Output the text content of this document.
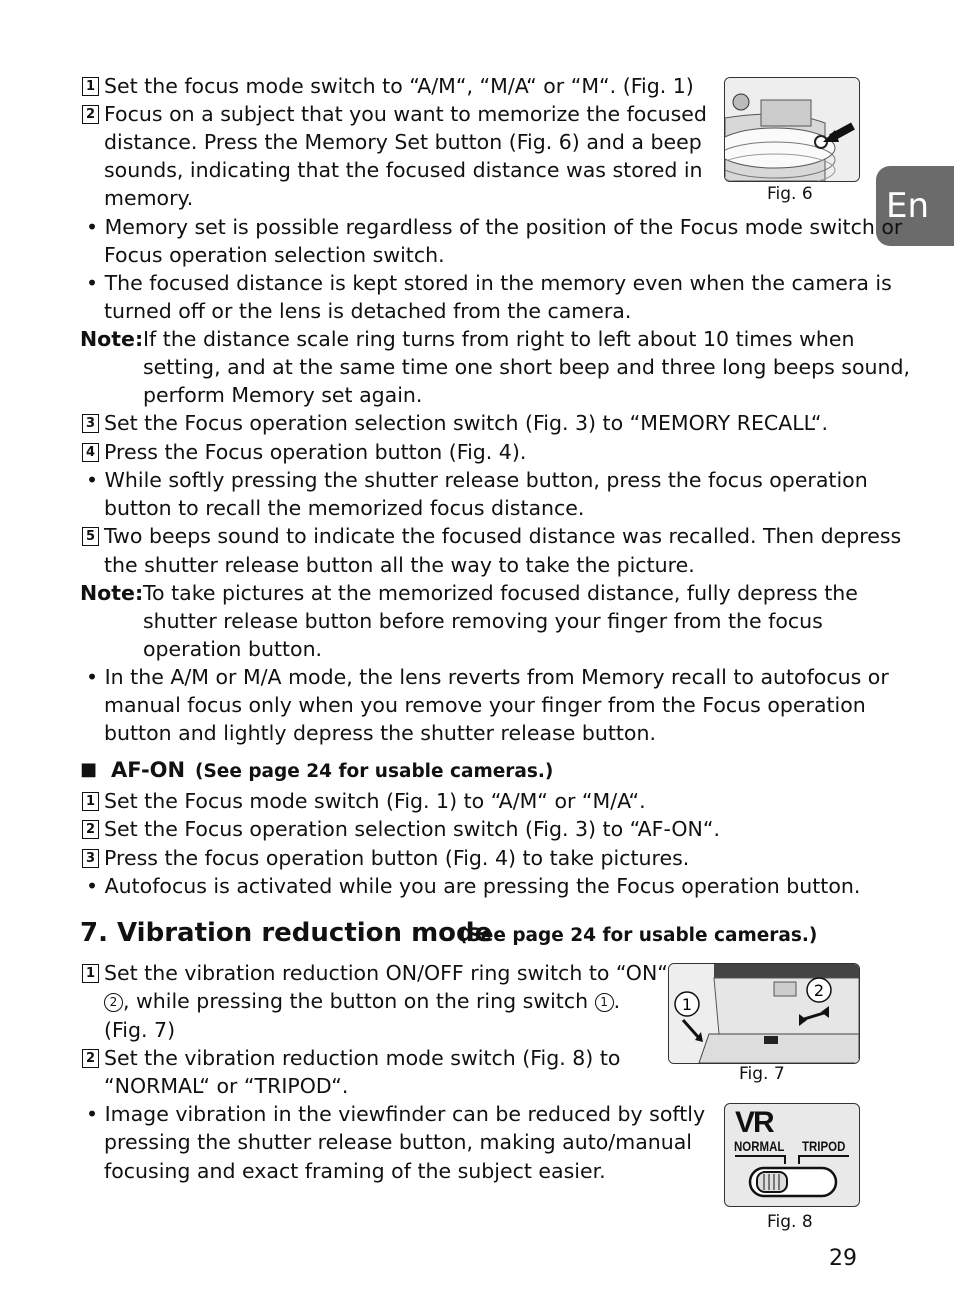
En
1 Set the focus mode switch to “A/M“, “M/A“ or “M“. (Fig. 1)
2 Focus on a subject that you want to memorize the focused
distance. Press the Memory Set button (Fig. 6) and a beep
sounds, indicating that the focused distance was stored in
memory.
• Memory set is possible regardless of the position of the Focus mode switch or
Focus operation selection switch.
• The focused distance is kept stored in the memory even when the camera is
turned off or the lens is detached from the camera.
Note: If the distance scale ring turns from right to left about 10 times when
setting, and at the same time one short beep and three long beeps sound,
perform Memory set again.
3 Set the Focus operation selection switch (Fig. 3) to “MEMORY RECALL“.
4 Press the Focus operation button (Fig. 4).
• While softly pressing the shutter release button, press the focus operation
button to recall the memorized focus distance.
5 Two beeps sound to indicate the focused distance was recalled. Then depress
the shutter release button all the way to take the picture.
Note: To take pictures at the memorized focused distance, fully depress the
shutter release button before removing your finger from the focus
operation button.
• In the A/M or M/A mode, the lens reverts from Memory recall to autofocus or
manual focus only when you remove your finger from the Focus operation
button and lightly depress the shutter release button.
■ AF-ON (See page 24 for usable cameras.)
1 Set the Focus mode switch (Fig. 1) to “A/M“ or “M/A“.
2 Set the Focus operation selection switch (Fig. 3) to “AF-ON“.
3 Press the focus operation button (Fig. 4) to take pictures.
• Autofocus is activated while you are pressing the Focus operation button.
7. Vibration reduction mode
(See page 24 for usable cameras.)
1 Set the vibration reduction ON/OFF ring switch to “ON“
2 , while pressing the button on the ring switch 1 .
(Fig. 7)
2 Set the vibration reduction mode switch (Fig. 8) to
“NORMAL“ or “TRIPOD“.
• Image vibration in the viewfinder can be reduced by softly
pressing the shutter release button, making auto/manual
focusing and exact framing of the subject easier.
Fig. 6
1
2
Fig. 7
VR
NORMAL TRIPOD
Fig. 8
29
